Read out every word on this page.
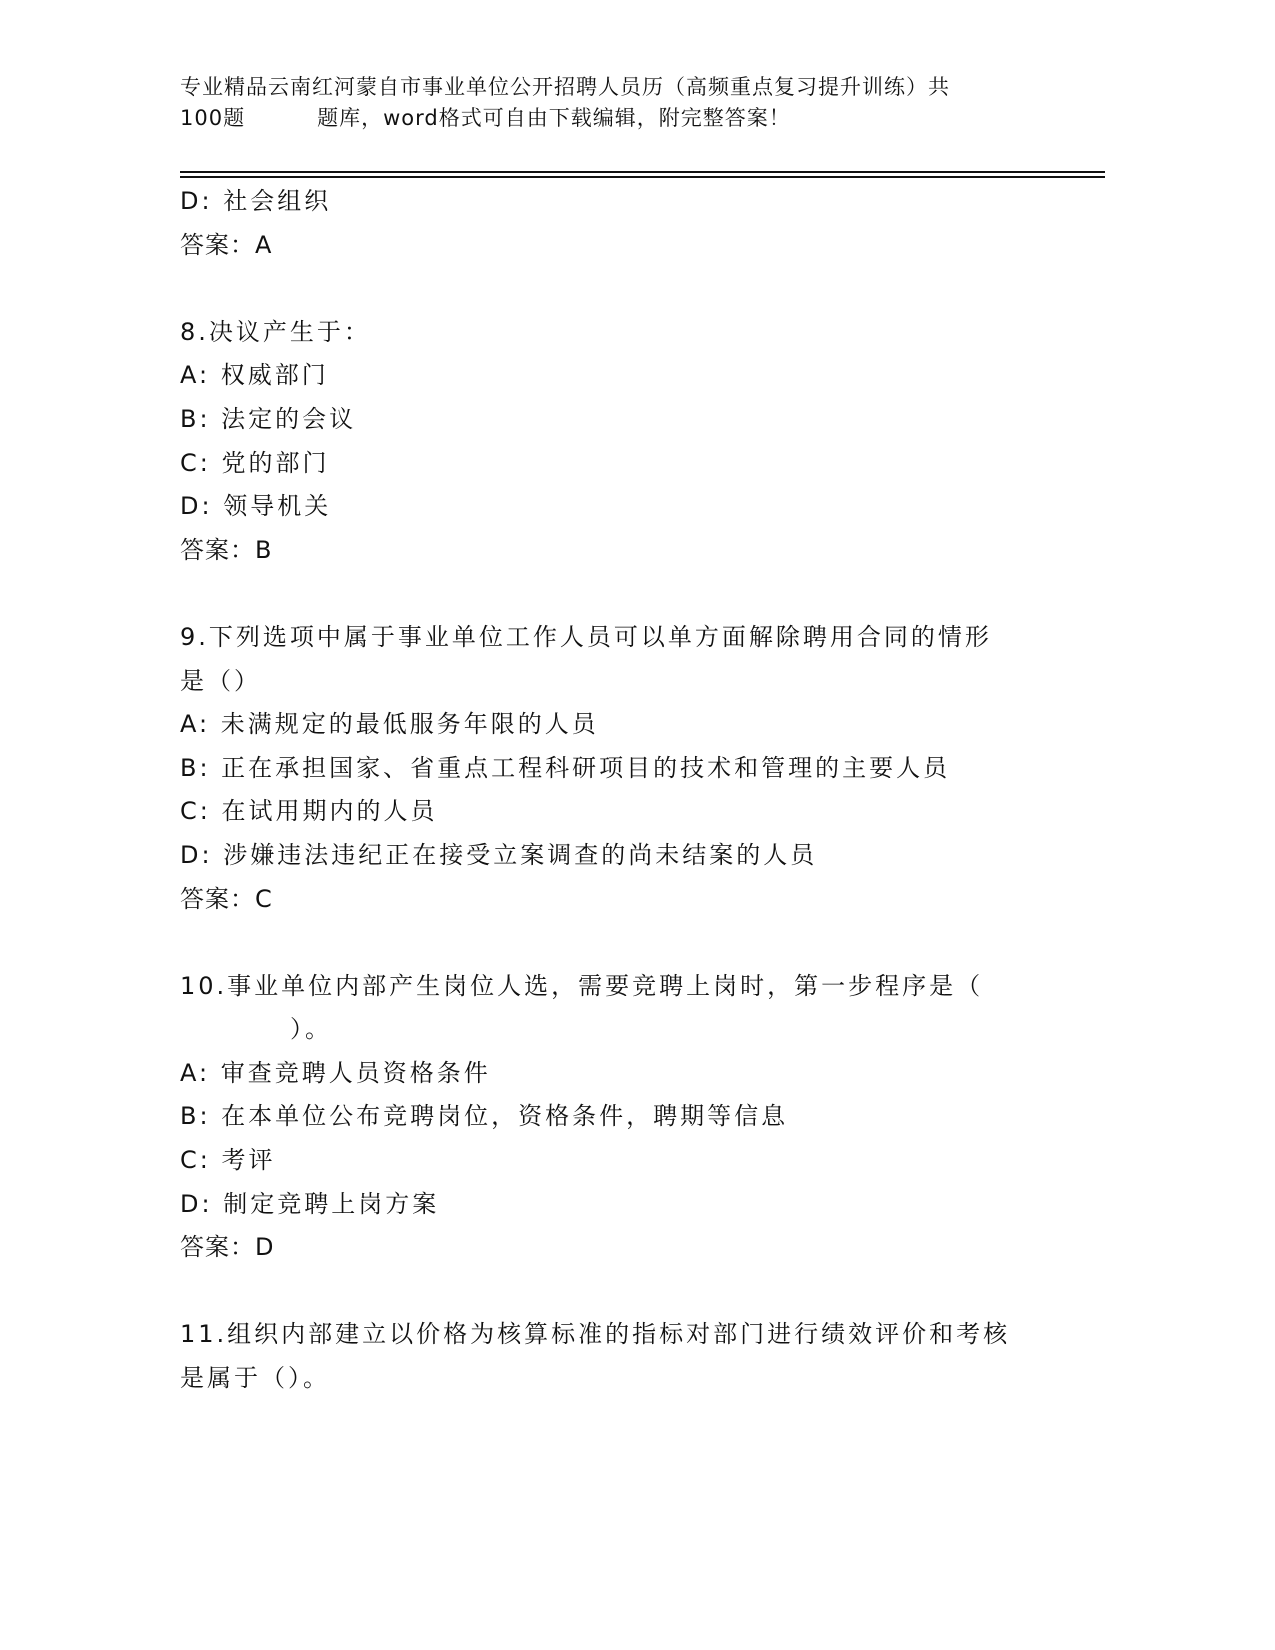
专业精品云南红河蒙自市事业单位公开招聘人员历（高频重点复习提升训练）共
100题	题库，word格式可自由下载编辑，附完整答案！
D: 社会组织
答案：A
8.决议产生于：
A: 权威部门
B: 法定的会议
C: 党的部门
D: 领导机关
答案：B
9.下列选项中属于事业单位工作人员可以单方面解除聘用合同的情形
是（）
A: 未满规定的最低服务年限的人员
B: 正在承担国家、省重点工程科研项目的技术和管理的主要人员
C: 在试用期内的人员
D: 涉嫌违法违纪正在接受立案调查的尚未结案的人员
答案：C
10.事业单位内部产生岗位人选，需要竞聘上岗时，第一步程序是（
）。
A: 审查竞聘人员资格条件
B: 在本单位公布竞聘岗位，资格条件，聘期等信息
C: 考评
D: 制定竞聘上岗方案
答案：D
11.组织内部建立以价格为核算标准的指标对部门进行绩效评价和考核
是属于（）。
